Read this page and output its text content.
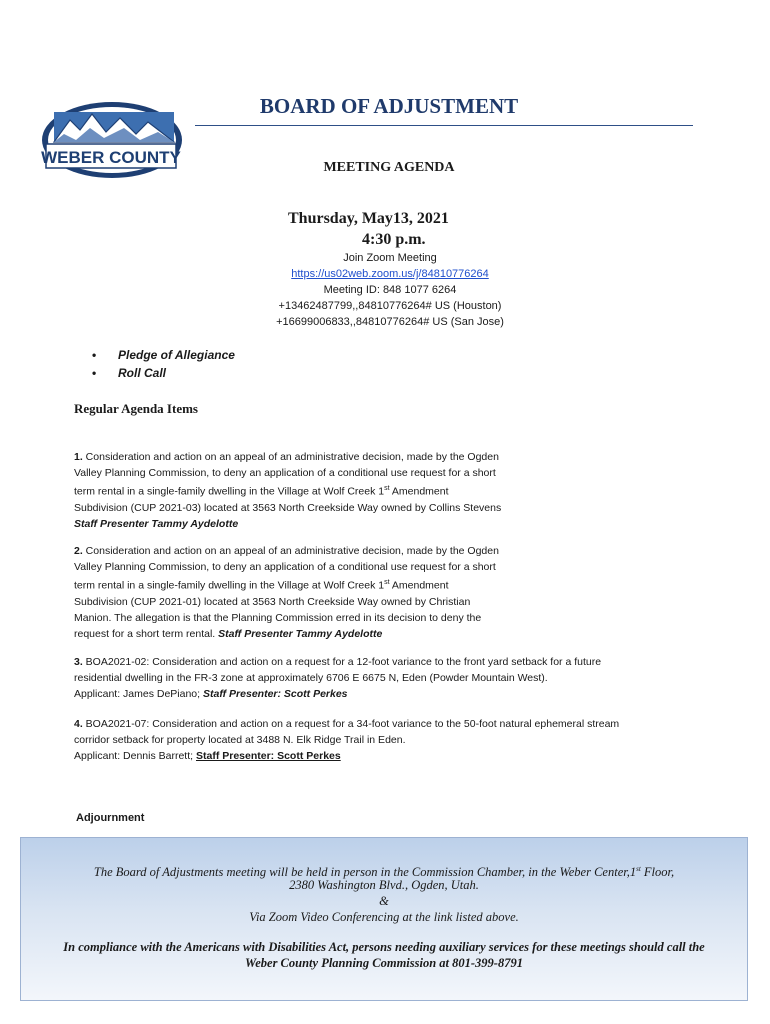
WEBER COUNTY
BOARD OF ADJUSTMENT
MEETING AGENDA
Thursday, May13, 2021
4:30 p.m.
Join Zoom Meeting
https://us02web.zoom.us/j/84810776264
Meeting ID: 848 1077 6264
+13462487799,,84810776264# US (Houston)
+16699006833,,84810776264# US (San Jose)
• Pledge of Allegiance
• Roll Call
Regular Agenda Items
1. Consideration and action on an appeal of an administrative decision, made by the Ogden
Valley Planning Commission, to deny an application of a conditional use request for a short
term rental in a single-family dwelling in the Village at Wolf Creek 1st Amendment
Subdivision (CUP 2021-03) located at 3563 North Creekside Way owned by Collins Stevens
Staff Presenter Tammy Aydelotte
2. Consideration and action on an appeal of an administrative decision, made by the Ogden
Valley Planning Commission, to deny an application of a conditional use request for a short
term rental in a single-family dwelling in the Village at Wolf Creek 1st Amendment
Subdivision (CUP 2021-01) located at 3563 North Creekside Way owned by Christian
Manion. The allegation is that the Planning Commission erred in its decision to deny the
request for a short term rental. Staff Presenter Tammy Aydelotte
3. BOA2021-02: Consideration and action on a request for a 12-foot variance to the front yard setback for a future
residential dwelling in the FR-3 zone at approximately 6706 E 6675 N, Eden (Powder Mountain West).
Applicant: James DePiano; Staff Presenter: Scott Perkes
4. BOA2021-07: Consideration and action on a request for a 34-foot variance to the 50-foot natural ephemeral stream
corridor setback for property located at 3488 N. Elk Ridge Trail in Eden.
Applicant: Dennis Barrett; Staff Presenter: Scott Perkes
Adjournment
The Board of Adjustments meeting will be held in person in the Commission Chamber, in the Weber Center,1st Floor,
2380 Washington Blvd., Ogden, Utah.
&
Via Zoom Video Conferencing at the link listed above.
In compliance with the Americans with Disabilities Act, persons needing auxiliary services for these meetings should call the
Weber County Planning Commission at 801-399-8791
